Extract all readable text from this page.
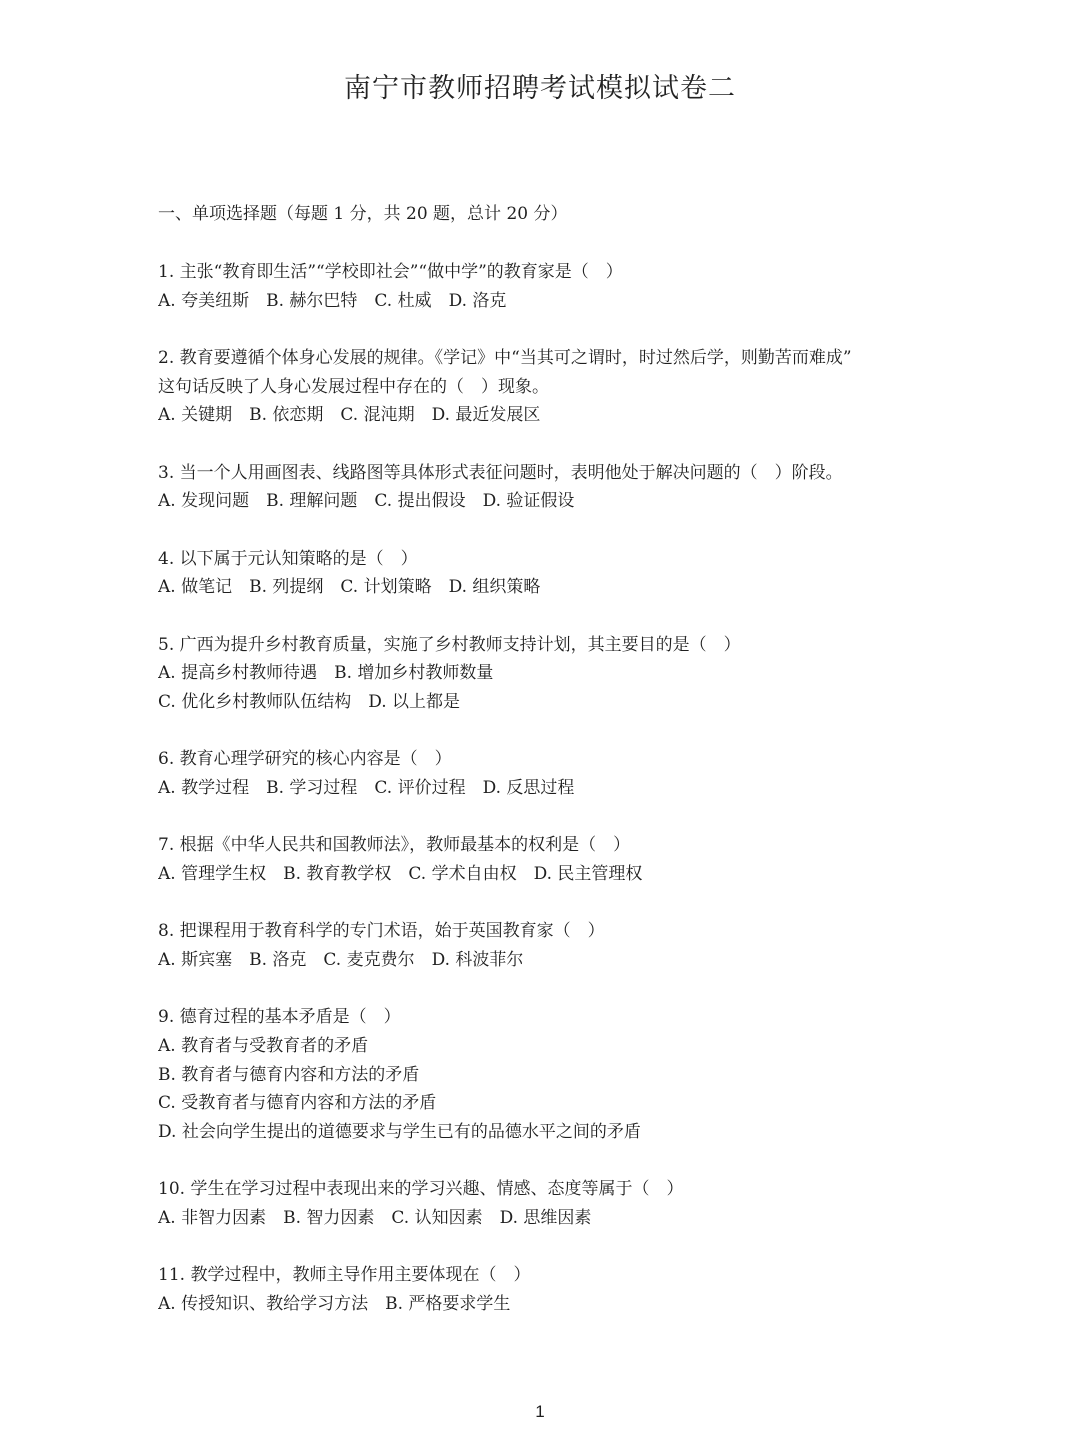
南宁市教师招聘考试模拟试卷二
一、单项选择题（每题 1 分，共 20 题，总计 20 分）
1. 主张“教育即生活”“学校即社会”“做中学”的教育家是（　）
A. 夸美纽斯　B. 赫尔巴特　C. 杜威　D. 洛克
2. 教育要遵循个体身心发展的规律。《学记》中“当其可之谓时，时过然后学，则勤苦而难成”
这句话反映了人身心发展过程中存在的（　）现象。
A. 关键期　B. 依恋期　C. 混沌期　D. 最近发展区
3. 当一个人用画图表、线路图等具体形式表征问题时，表明他处于解决问题的（　）阶段。
A. 发现问题　B. 理解问题　C. 提出假设　D. 验证假设
4. 以下属于元认知策略的是（　）
A. 做笔记　B. 列提纲　C. 计划策略　D. 组织策略
5. 广西为提升乡村教育质量，实施了乡村教师支持计划，其主要目的是（　）
A. 提高乡村教师待遇　B. 增加乡村教师数量
C. 优化乡村教师队伍结构　D. 以上都是
6. 教育心理学研究的核心内容是（　）
A. 教学过程　B. 学习过程　C. 评价过程　D. 反思过程
7. 根据《中华人民共和国教师法》，教师最基本的权利是（　）
A. 管理学生权　B. 教育教学权　C. 学术自由权　D. 民主管理权
8. 把课程用于教育科学的专门术语，始于英国教育家（　）
A. 斯宾塞　B. 洛克　C. 麦克费尔　D. 科波菲尔
9. 德育过程的基本矛盾是（　）
A. 教育者与受教育者的矛盾
B. 教育者与德育内容和方法的矛盾
C. 受教育者与德育内容和方法的矛盾
D. 社会向学生提出的道德要求与学生已有的品德水平之间的矛盾
10. 学生在学习过程中表现出来的学习兴趣、情感、态度等属于（　）
A. 非智力因素　B. 智力因素　C. 认知因素　D. 思维因素
11. 教学过程中，教师主导作用主要体现在（　）
A. 传授知识、教给学习方法　B. 严格要求学生
1
